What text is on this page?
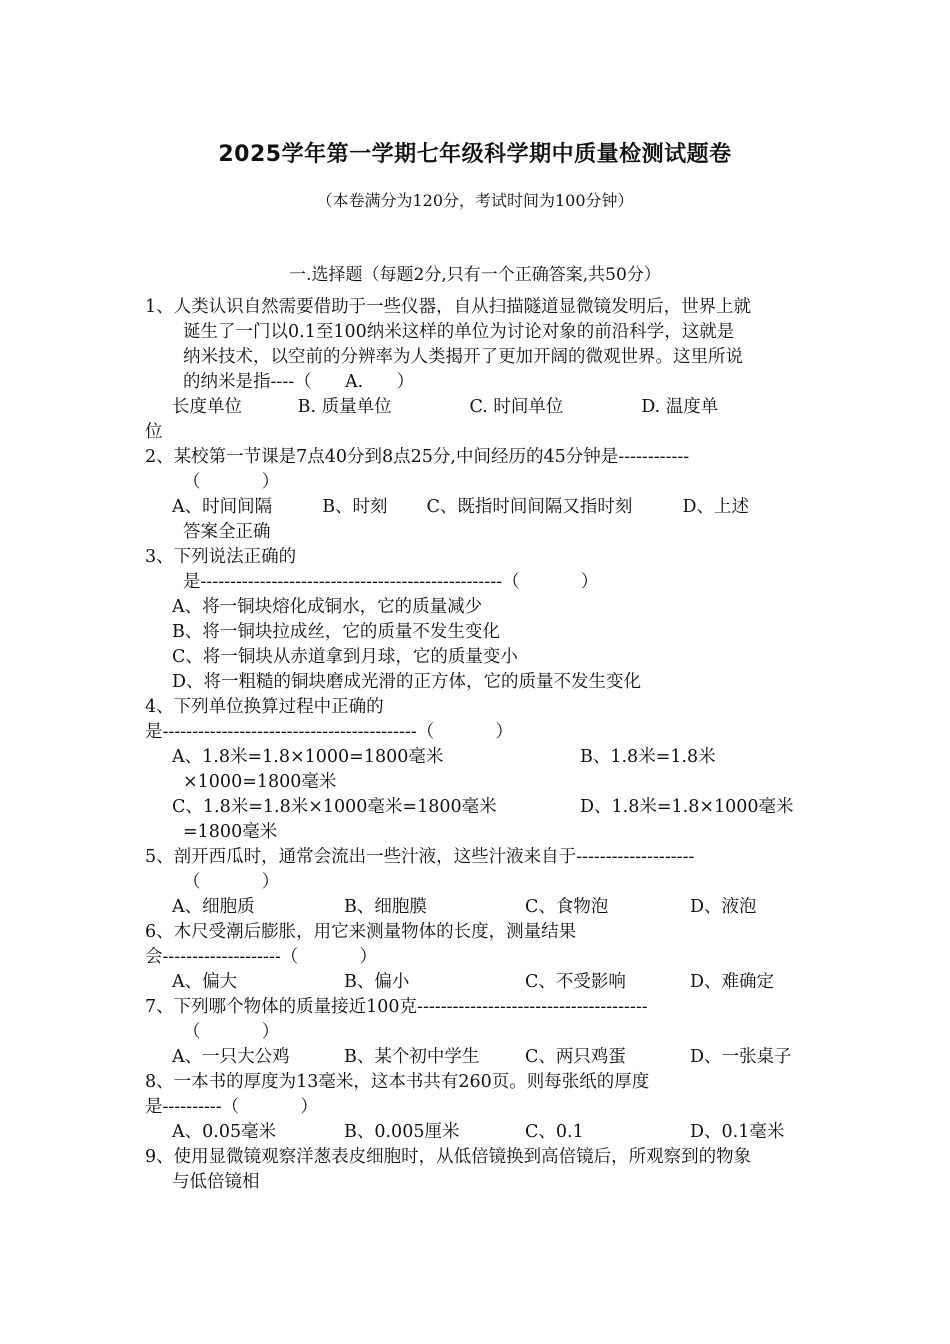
2025学年第一学期七年级科学期中质量检测试题卷
（本卷满分为120分，考试时间为100分钟）
一.选择题（每题2分,只有一个正确答案,共50分）
1、人类认识自然需要借助于一些仪器，自从扫描隧道显微镜发明后，世界上就
诞生了一门以0.1至100纳米这样的单位为讨论对象的前沿科学，这就是
纳米技术，以空前的分辨率为人类揭开了更加开阔的微观世界。这里所说
的纳米是指----（      A.      ）
长度单位          B. 质量单位              C. 时间单位              D. 温度单
位
2、某校第一节课是7点40分到8点25分,中间经历的45分钟是------------
（           ）
A、时间间隔         B、时刻       C、既指时间间隔又指时刻         D、上述
答案全正确
3、下列说法正确的
是---------------------------------------------------（           ）
A、将一铜块熔化成铜水，它的质量减少
B、将一铜块拉成丝，它的质量不发生变化
C、将一铜块从赤道拿到月球，它的质量变小
D、将一粗糙的铜块磨成光滑的正方体，它的质量不发生变化
4、下列单位换算过程中正确的
是-------------------------------------------（           ）
A、1.8米=1.8×1000=1800毫米	B、1.8米=1.8米
×1000=1800毫米
C、1.8米=1.8米×1000毫米=1800毫米	D、1.8米=1.8×1000毫米
=1800毫米
5、剖开西瓜时，通常会流出一些汁液，这些汁液来自于--------------------
（           ）
A、细胞质	B、细胞膜	C、食物泡	D、液泡
6、木尺受潮后膨胀，用它来测量物体的长度，测量结果
会--------------------（           ）
A、偏大	B、偏小	C、不受影响	D、难确定
7、下列哪个物体的质量接近100克---------------------------------------
（           ）
A、一只大公鸡	B、某个初中学生	C、两只鸡蛋	D、一张桌子
8、一本书的厚度为13毫米，这本书共有260页。则每张纸的厚度
是----------（           ）
A、0.05毫米	B、0.005厘米	C、0.1	D、0.1毫米
9、使用显微镜观察洋葱表皮细胞时，从低倍镜换到高倍镜后，所观察到的物象
与低倍镜相
